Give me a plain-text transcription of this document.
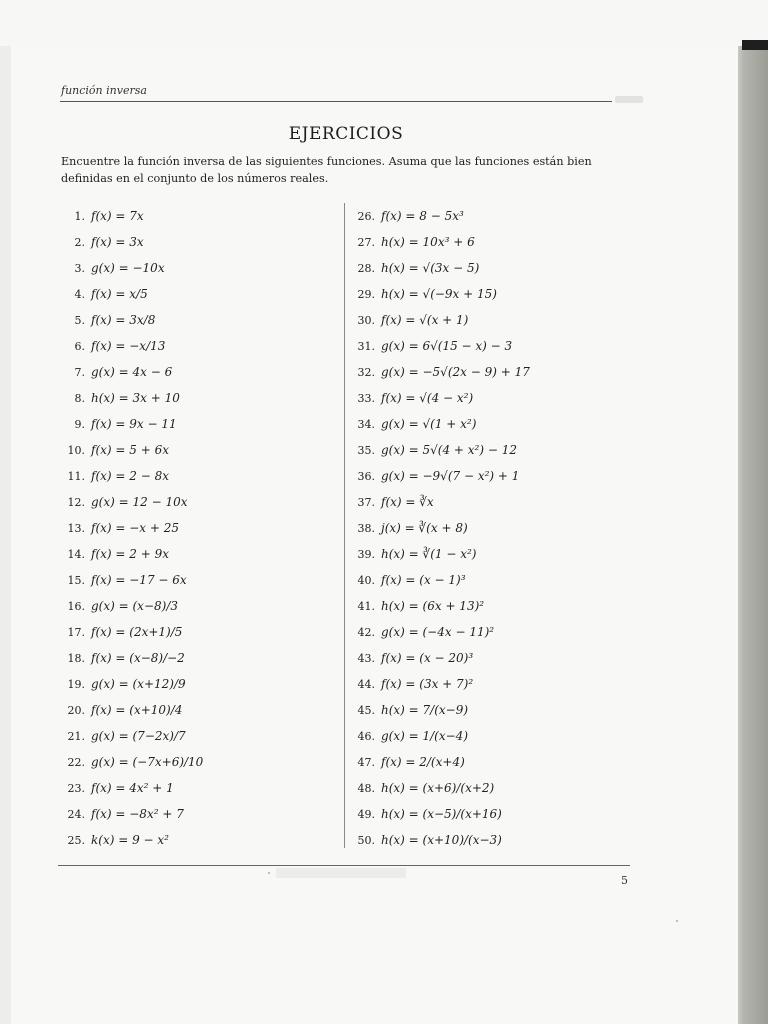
función inversa
EJERCICIOS
Encuentre la función inversa de las siguientes funciones. Asuma que las funciones están bien definidas en el conjunto de los números reales.
1. f(x) = 7x
2. f(x) = 3x
3. g(x) = −10x
4. f(x) = x/5
5. f(x) = 3x/8
6. f(x) = −x/13
7. g(x) = 4x − 6
8. h(x) = 3x + 10
9. f(x) = 9x − 11
10. f(x) = 5 + 6x
11. f(x) = 2 − 8x
12. g(x) = 12 − 10x
13. f(x) = −x + 25
14. f(x) = 2 + 9x
15. f(x) = −17 − 6x
16. g(x) = (x−8)/3
17. f(x) = (2x+1)/5
18. f(x) = (x−8)/−2
19. g(x) = (x+12)/9
20. f(x) = (x+10)/4
21. g(x) = (7−2x)/7
22. g(x) = (−7x+6)/10
23. f(x) = 4x² + 1
24. f(x) = −8x² + 7
25. k(x) = 9 − x²
26. f(x) = 8 − 5x³
27. h(x) = 10x³ + 6
28. h(x) = √(3x − 5)
29. h(x) = √(−9x + 15)
30. f(x) = √(x + 1)
31. g(x) = 6√(15 − x) − 3
32. g(x) = −5√(2x − 9) + 17
33. f(x) = √(4 − x²)
34. g(x) = √(1 + x²)
35. g(x) = 5√(4 + x²) − 12
36. g(x) = −9√(7 − x²) + 1
37. f(x) = ∛x
38. j(x) = ∛(x + 8)
39. h(x) = ∛(1 − x²)
40. f(x) = (x − 1)³
41. h(x) = (6x + 13)²
42. g(x) = (−4x − 11)²
43. f(x) = (x − 20)³
44. f(x) = (3x + 7)²
45. h(x) = 7/(x−9)
46. g(x) = 1/(x−4)
47. f(x) = 2/(x+4)
48. h(x) = (x+6)/(x+2)
49. h(x) = (x−5)/(x+16)
50. h(x) = (x+10)/(x−3)
5
